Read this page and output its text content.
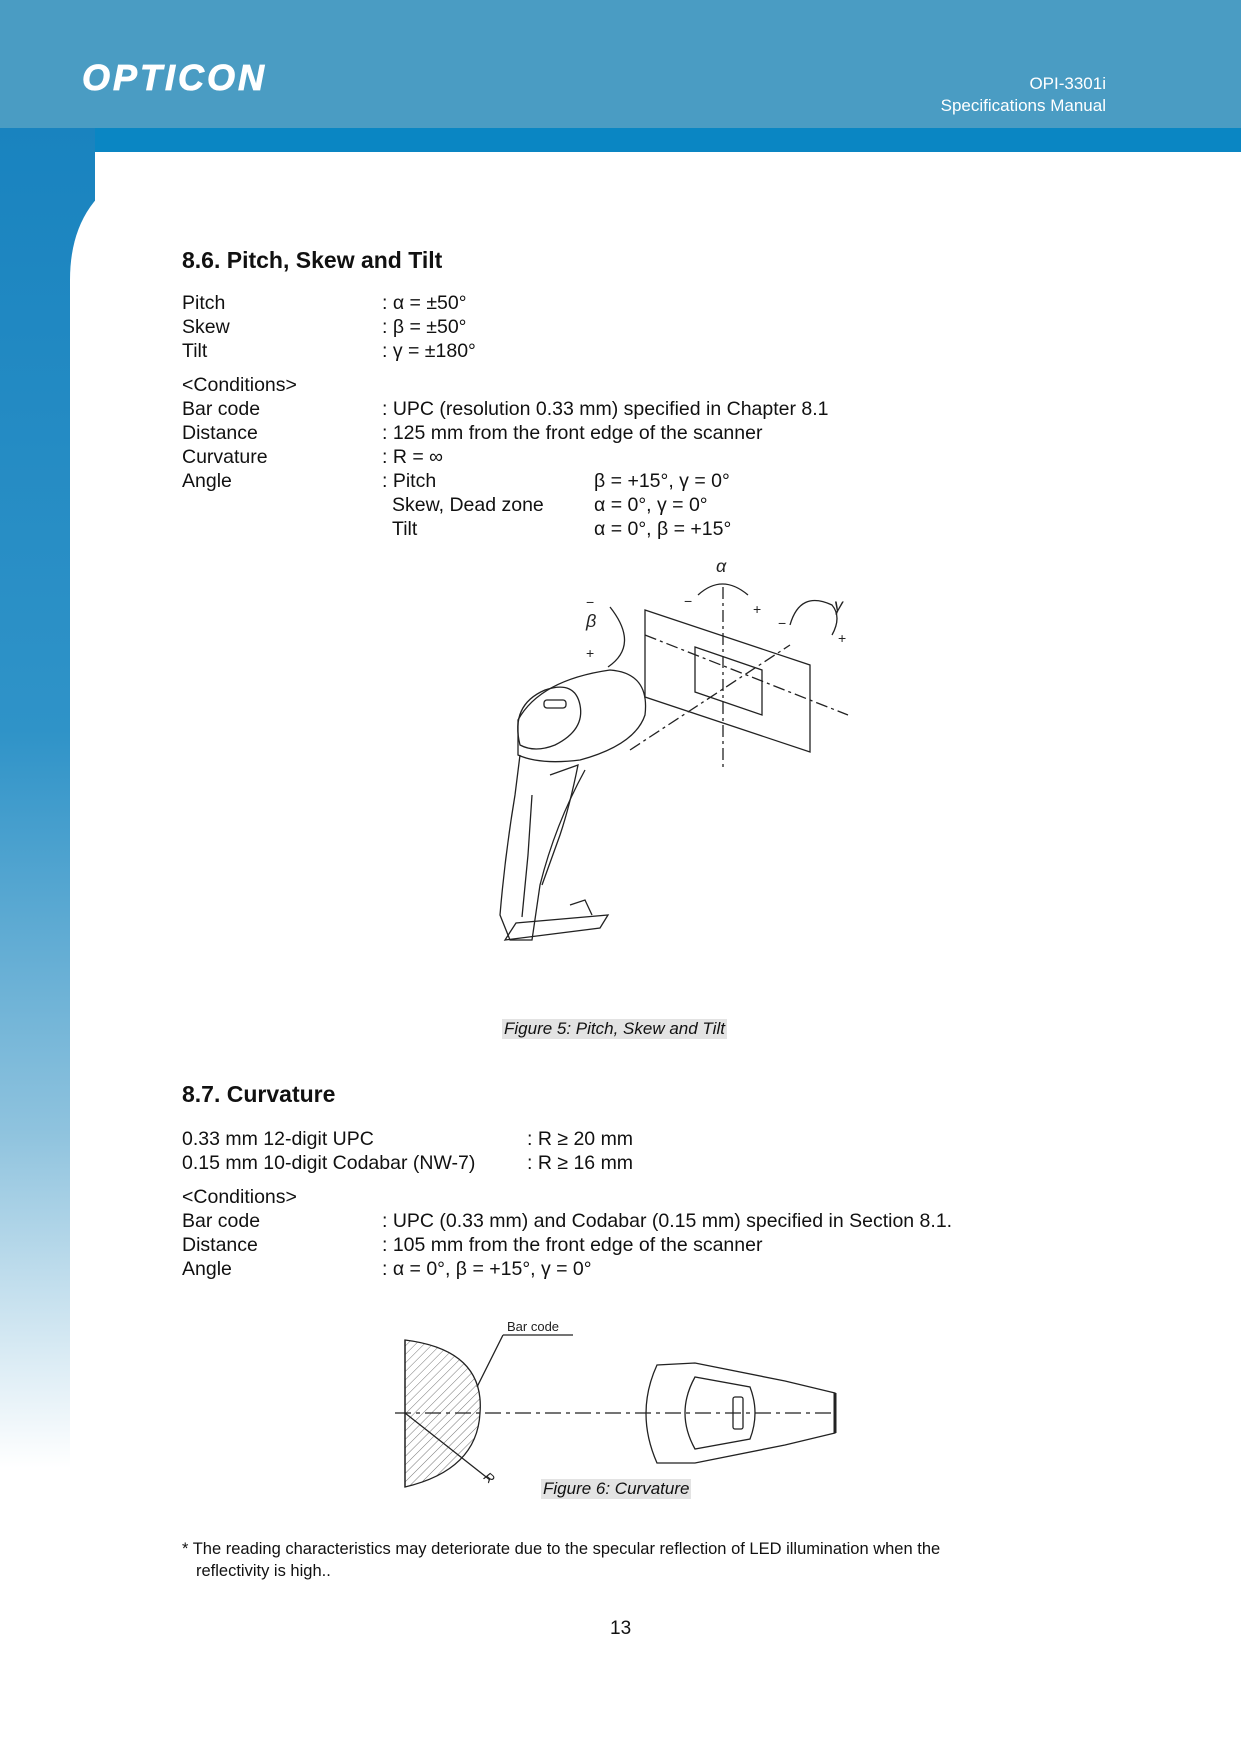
OPTICON	OPI-3301i
Specifications Manual
8.6. Pitch, Skew and Tilt
Pitch	: α = ±50°
Skew	: β = ±50°
Tilt	: γ = ±180°
<Conditions>
Bar code	: UPC (resolution 0.33 mm) specified in Chapter 8.1
Distance	: 125 mm from the front edge of the scanner
Curvature	: R = ∞
Angle	: Pitch	β = +15°, γ = 0°
Skew, Dead zone	α = 0°, γ = 0°
Tilt	α = 0°, β = +15°
α
−	+
β
−
+
γ
−
+
Figure 5: Pitch, Skew and Tilt
8.7. Curvature
0.33 mm 12-digit UPC	: R ≥ 20 mm
0.15 mm 10-digit Codabar (NW-7)	: R ≥ 16 mm
<Conditions>
Bar code	: UPC (0.33 mm) and Codabar (0.15 mm) specified in Section 8.1.
Distance	: 105 mm from the front edge of the scanner
Angle	: α = 0°, β = +15°, γ = 0°
R
Bar code
Figure 6: Curvature
* The reading characteristics may deteriorate due to the specular reflection of LED illumination when the
reflectivity is high..
13
